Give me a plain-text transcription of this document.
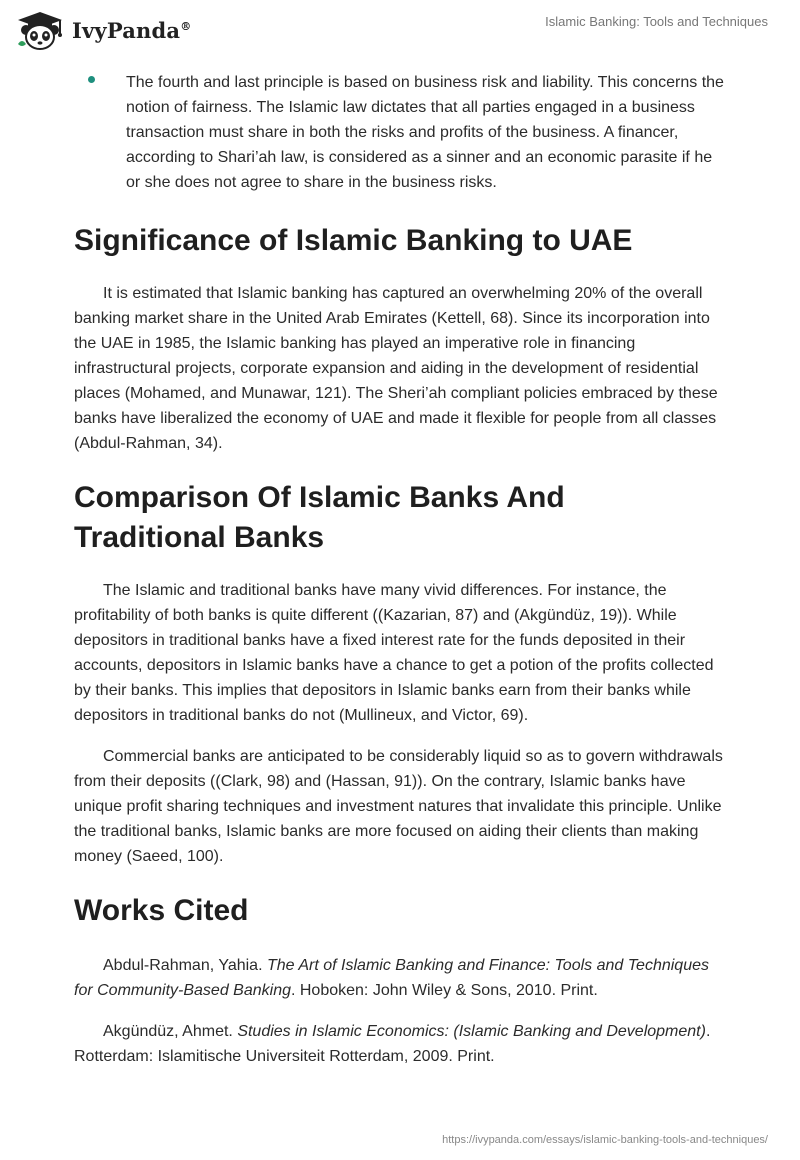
IvyPanda®	Islamic Banking: Tools and Techniques
The fourth and last principle is based on business risk and liability. This concerns the notion of fairness. The Islamic law dictates that all parties engaged in a business transaction must share in both the risks and profits of the business. A financer, according to Shari’ah law, is considered as a sinner and an economic parasite if he or she does not agree to share in the business risks.
Significance of Islamic Banking to UAE

It is estimated that Islamic banking has captured an overwhelming 20% of the overall banking market share in the United Arab Emirates (Kettell, 68). Since its incorporation into the UAE in 1985, the Islamic banking has played an imperative role in financing infrastructural projects, corporate expansion and aiding in the development of residential places (Mohamed, and Munawar, 121). The Sheri’ah compliant policies embraced by these banks have liberalized the economy of UAE and made it flexible for people from all classes (Abdul-Rahman, 34).

Comparison Of Islamic Banks And Traditional Banks

The Islamic and traditional banks have many vivid differences. For instance, the profitability of both banks is quite different ((Kazarian, 87) and (Akgündüz, 19)). While depositors in traditional banks have a fixed interest rate for the funds deposited in their accounts, depositors in Islamic banks have a chance to get a potion of the profits collected by their banks. This implies that depositors in Islamic banks earn from their banks while depositors in traditional banks do not (Mullineux, and Victor, 69).

Commercial banks are anticipated to be considerably liquid so as to govern withdrawals from their deposits ((Clark, 98) and (Hassan, 91)). On the contrary, Islamic banks have unique profit sharing techniques and investment natures that invalidate this principle. Unlike the traditional banks, Islamic banks are more focused on aiding their clients than making money (Saeed, 100).

Works Cited

Abdul-Rahman, Yahia. The Art of Islamic Banking and Finance: Tools and Techniques for Community-Based Banking. Hoboken: John Wiley & Sons, 2010. Print.

Akgündüz, Ahmet. Studies in Islamic Economics: (Islamic Banking and Development). Rotterdam: Islamitische Universiteit Rotterdam, 2009. Print.

https://ivypanda.com/essays/islamic-banking-tools-and-techniques/
